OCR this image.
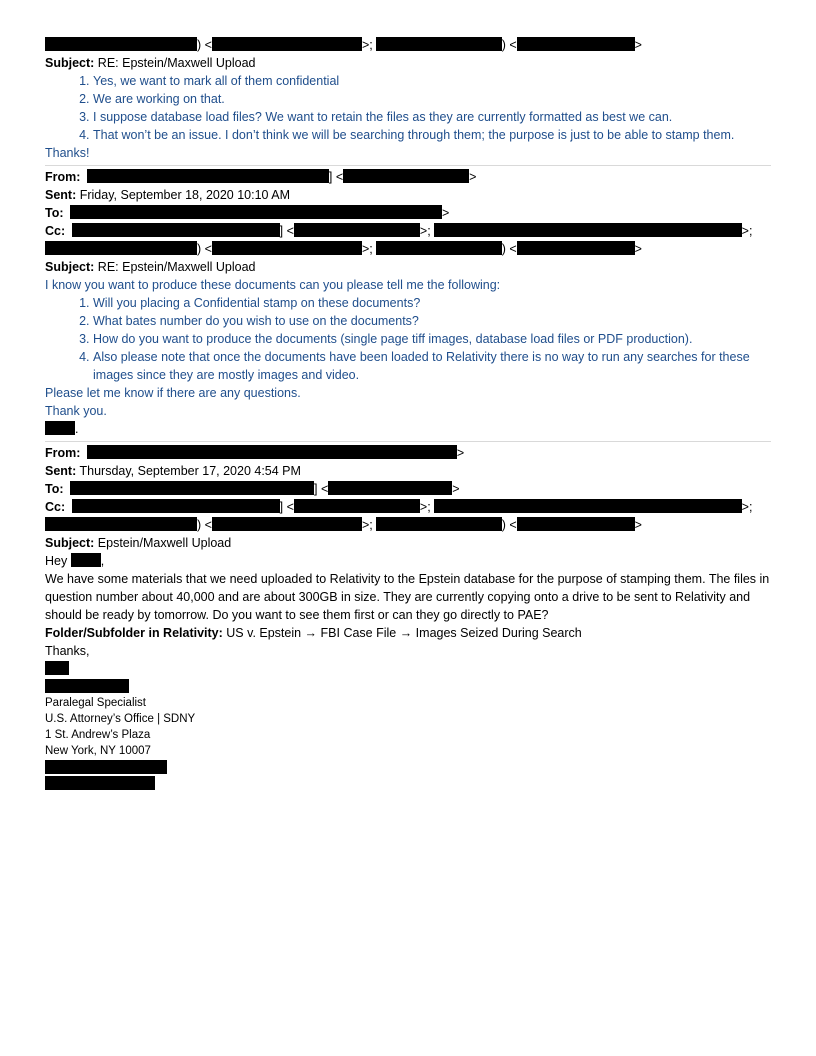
) <	>;	) <	>
Subject: RE: Epstein/Maxwell Upload
1. Yes, we want to mark all of them confidential
2. We are working on that.
3. I suppose database load files? We want to retain the files as they are currently formatted as best we can.
4. That won’t be an issue. I don’t think we will be searching through them; the purpose is just to be able to stamp them.
Thanks!
From:	] <	>
Sent: Friday, September 18, 2020 10:10 AM
To:	>
Cc:	] <	>;	>;
) <	>;	) <	>
Subject: RE: Epstein/Maxwell Upload
I know you want to produce these documents can you please tell me the following:
1. Will you placing a Confidential stamp on these documents?
2. What bates number do you wish to use on the documents?
3. How do you want to produce the documents (single page tiff images, database load files or PDF production).
4. Also please note that once the documents have been loaded to Relativity there is no way to run any searches for these images since they are mostly images and video.
Please let me know if there are any questions.
Thank you.
.
From:	>
Sent: Thursday, September 17, 2020 4:54 PM
To:	] <	>
Cc:	] <	>;	>;
) <	>;	) <	>
Subject: Epstein/Maxwell Upload
Hey	,
We have some materials that we need uploaded to Relativity to the Epstein database for the purpose of stamping them. The files in question number about 40,000 and are about 300GB in size. They are currently copying onto a drive to be sent to Relativity and should be ready by tomorrow. Do you want to see them first or can they go directly to PAE?
Folder/Subfolder in Relativity: US v. Epstein → FBI Case File → Images Seized During Search
Thanks,
Paralegal Specialist
U.S. Attorney’s Office | SDNY
1 St. Andrew’s Plaza
New York, NY 10007
